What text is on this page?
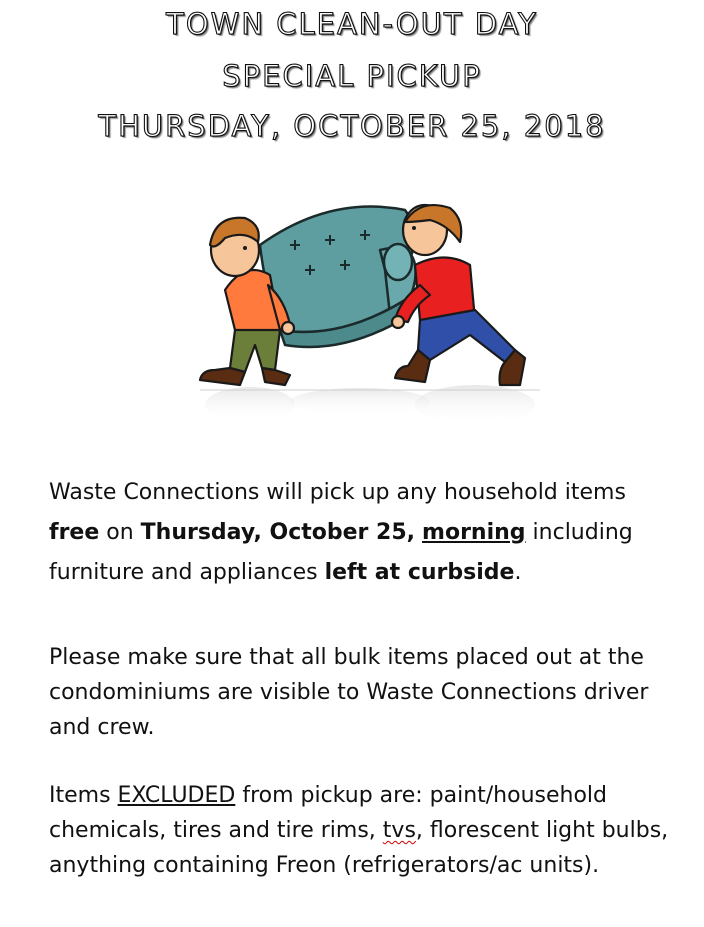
TOWN CLEAN-OUT DAY
SPECIAL PICKUP
THURSDAY, OCTOBER 25, 2018

Waste Connections will pick up any household items free on Thursday, October 25, morning including furniture and appliances left at curbside.

Please make sure that all bulk items placed out at the condominiums are visible to Waste Connections driver and crew.

Items EXCLUDED from pickup are: paint/household chemicals, tires and tire rims, tvs, florescent light bulbs, anything containing Freon (refrigerators/ac units).
